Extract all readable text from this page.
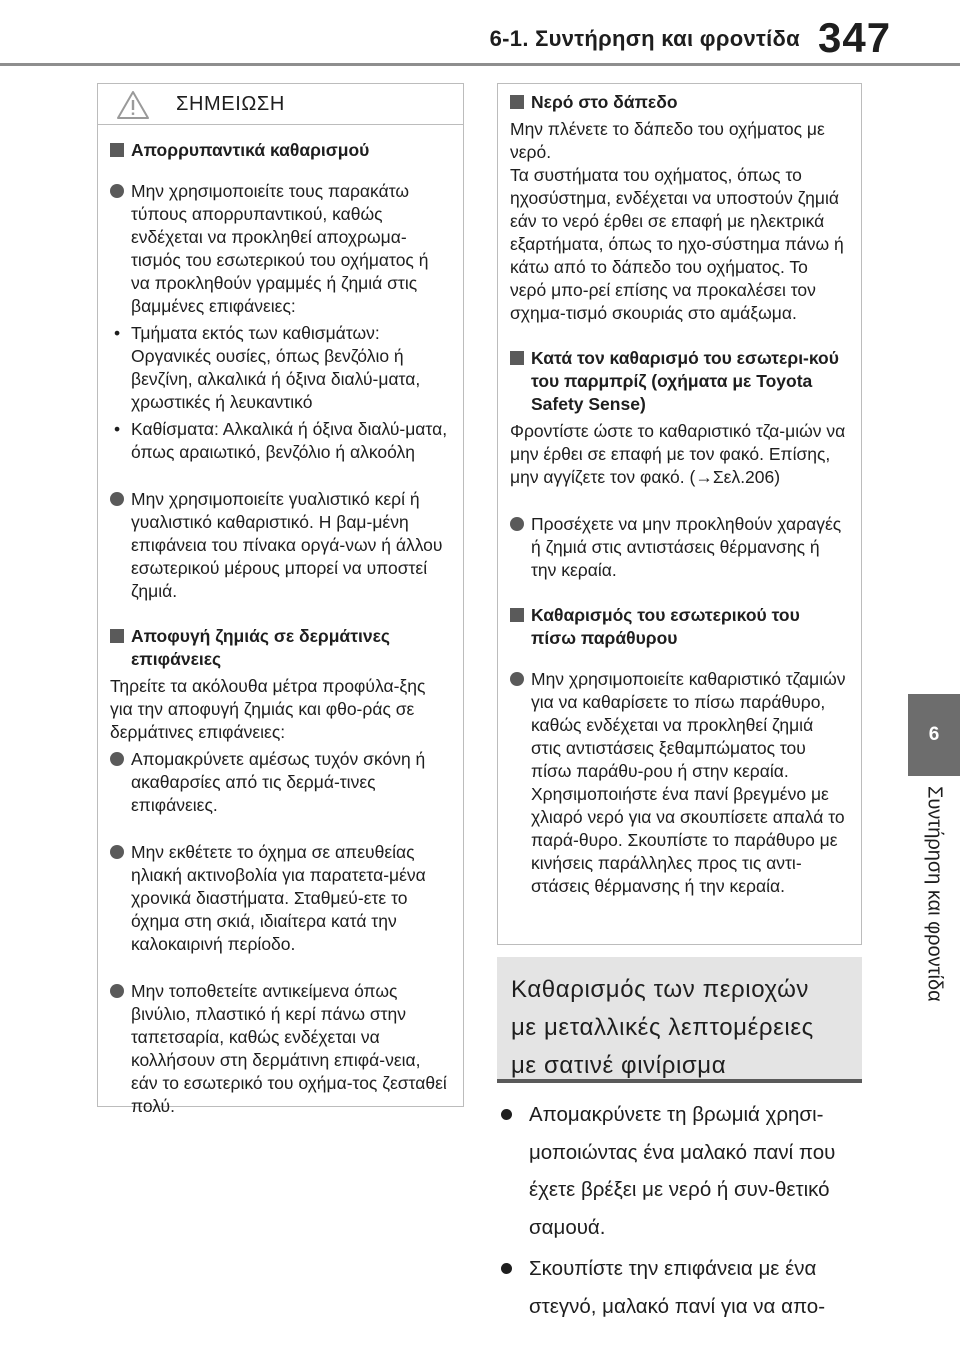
6-1. Συντήρηση και φροντίδα 347
6
Συντήρηση και φροντίδα
ΣΗΜΕΙΩΣΗ
Απορρυπαντικά καθαρισμού
Μην χρησιμοποιείτε τους παρακάτω τύπους απορρυπαντικού, καθώς ενδέχεται να προκληθεί αποχρωμα-τισμός του εσωτερικού του οχήματος ή να προκληθούν γραμμές ή ζημιά στις βαμμένες επιφάνειες:
• Τμήματα εκτός των καθισμάτων: Οργανικές ουσίες, όπως βενζόλιο ή βενζίνη, αλκαλικά ή όξινα διαλύ-ματα, χρωστικές ή λευκαντικό
• Καθίσματα: Αλκαλικά ή όξινα διαλύ-ματα, όπως αραιωτικό, βενζόλιο ή αλκοόλη
Μην χρησιμοποιείτε γυαλιστικό κερί ή γυαλιστικό καθαριστικό. Η βαμ-μένη επιφάνεια του πίνακα οργά-νων ή άλλου εσωτερικού μέρους μπορεί να υποστεί ζημιά.
Αποφυγή ζημιάς σε δερμάτινες επιφάνειες
Τηρείτε τα ακόλουθα μέτρα προφύλα-ξης για την αποφυγή ζημιάς και φθο-ράς σε δερμάτινες επιφάνειες:
Απομακρύνετε αμέσως τυχόν σκόνη ή ακαθαρσίες από τις δερμά-τινες επιφάνειες.
Μην εκθέτετε το όχημα σε απευθείας ηλιακή ακτινοβολία για παρατετα-μένα χρονικά διαστήματα. Σταθμεύ-ετε το όχημα στη σκιά, ιδιαίτερα κατά την καλοκαιρινή περίοδο.
Μην τοποθετείτε αντικείμενα όπως βινύλιο, πλαστικό ή κερί πάνω στην ταπετσαρία, καθώς ενδέχεται να κολλήσουν στη δερμάτινη επιφά-νεια, εάν το εσωτερικό του οχήμα-τος ζεσταθεί πολύ.
Νερό στο δάπεδο
Μην πλένετε το δάπεδο του οχήματος με νερό.
Τα συστήματα του οχήματος, όπως το ηχοσύστημα, ενδέχεται να υποστούν ζημιά εάν το νερό έρθει σε επαφή με ηλεκτρικά εξαρτήματα, όπως το ηχο-σύστημα πάνω ή κάτω από το δάπεδο του οχήματος. Το νερό μπο-ρεί επίσης να προκαλέσει τον σχημα-τισμό σκουριάς στο αμάξωμα.
Κατά τον καθαρισμό του εσωτερι-κού του παρμπρίζ (οχήματα με Toyota Safety Sense)
Φροντίστε ώστε το καθαριστικό τζα-μιών να μην έρθει σε επαφή με τον φακό. Επίσης, μην αγγίζετε τον φακό. (→Σελ.206)
Προσέχετε να μην προκληθούν χαραγές ή ζημιά στις αντιστάσεις θέρμανσης ή την κεραία.
Καθαρισμός του εσωτερικού του πίσω παράθυρου
Μην χρησιμοποιείτε καθαριστικό τζαμιών για να καθαρίσετε το πίσω παράθυρο, καθώς ενδέχεται να προκληθεί ζημιά στις αντιστάσεις ξεθαμπώματος του πίσω παράθυ-ρου ή στην κεραία. Χρησιμοποιήστε ένα πανί βρεγμένο με χλιαρό νερό για να σκουπίσετε απαλά το παρά-θυρο. Σκουπίστε το παράθυρο με κινήσεις παράλληλες προς τις αντι-στάσεις θέρμανσης ή την κεραία.
Καθαρισμός των περιοχών
με μεταλλικές λεπτομέρειες
με σατινέ φινίρισμα
Απομακρύνετε τη βρωμιά χρησι-μοποιώντας ένα μαλακό πανί που έχετε βρέξει με νερό ή συν-θετικό σαμουά.
Σκουπίστε την επιφάνεια με ένα στεγνό, μαλακό πανί για να απο-
